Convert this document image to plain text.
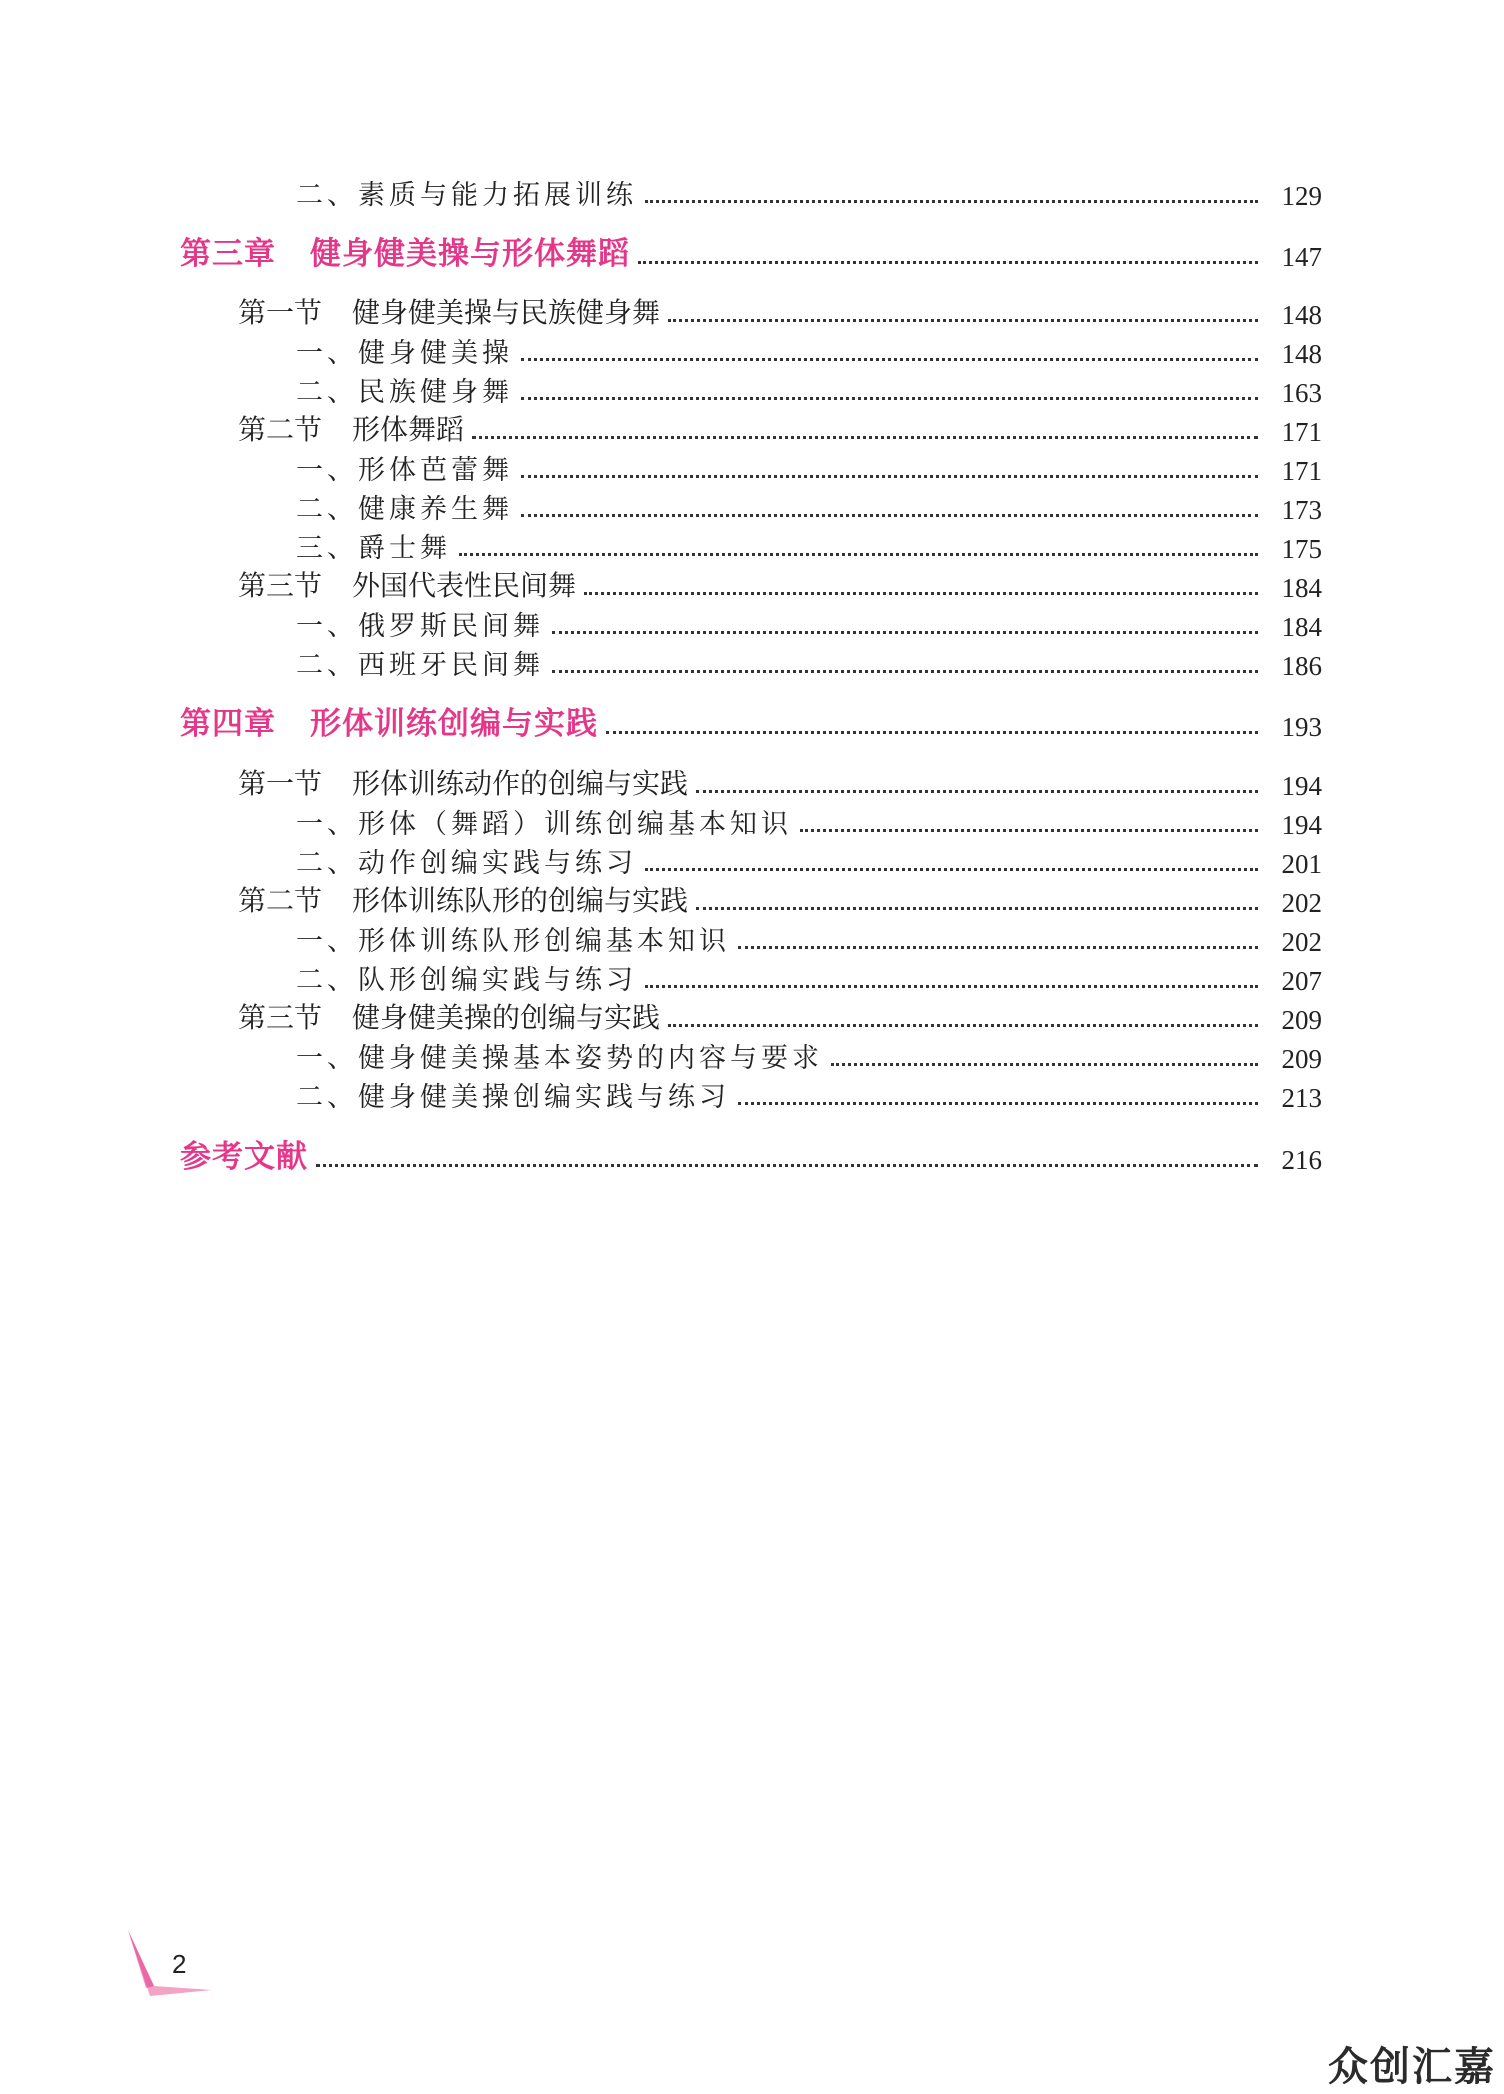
二、素质与能力拓展训练	129
第三章 健身健美操与形体舞蹈	147
第一节 健身健美操与民族健身舞	148
一、健身健美操	148
二、民族健身舞	163
第二节 形体舞蹈	171
一、形体芭蕾舞	171
二、健康养生舞	173
三、爵士舞	175
第三节 外国代表性民间舞	184
一、俄罗斯民间舞	184
二、西班牙民间舞	186
第四章 形体训练创编与实践	193
第一节 形体训练动作的创编与实践	194
一、形体（舞蹈）训练创编基本知识	194
二、动作创编实践与练习	201
第二节 形体训练队形的创编与实践	202
一、形体训练队形创编基本知识	202
二、队形创编实践与练习	207
第三节 健身健美操的创编与实践	209
一、健身健美操基本姿势的内容与要求	209
二、健身健美操创编实践与练习	213
参考文献	216
2
众创汇嘉
